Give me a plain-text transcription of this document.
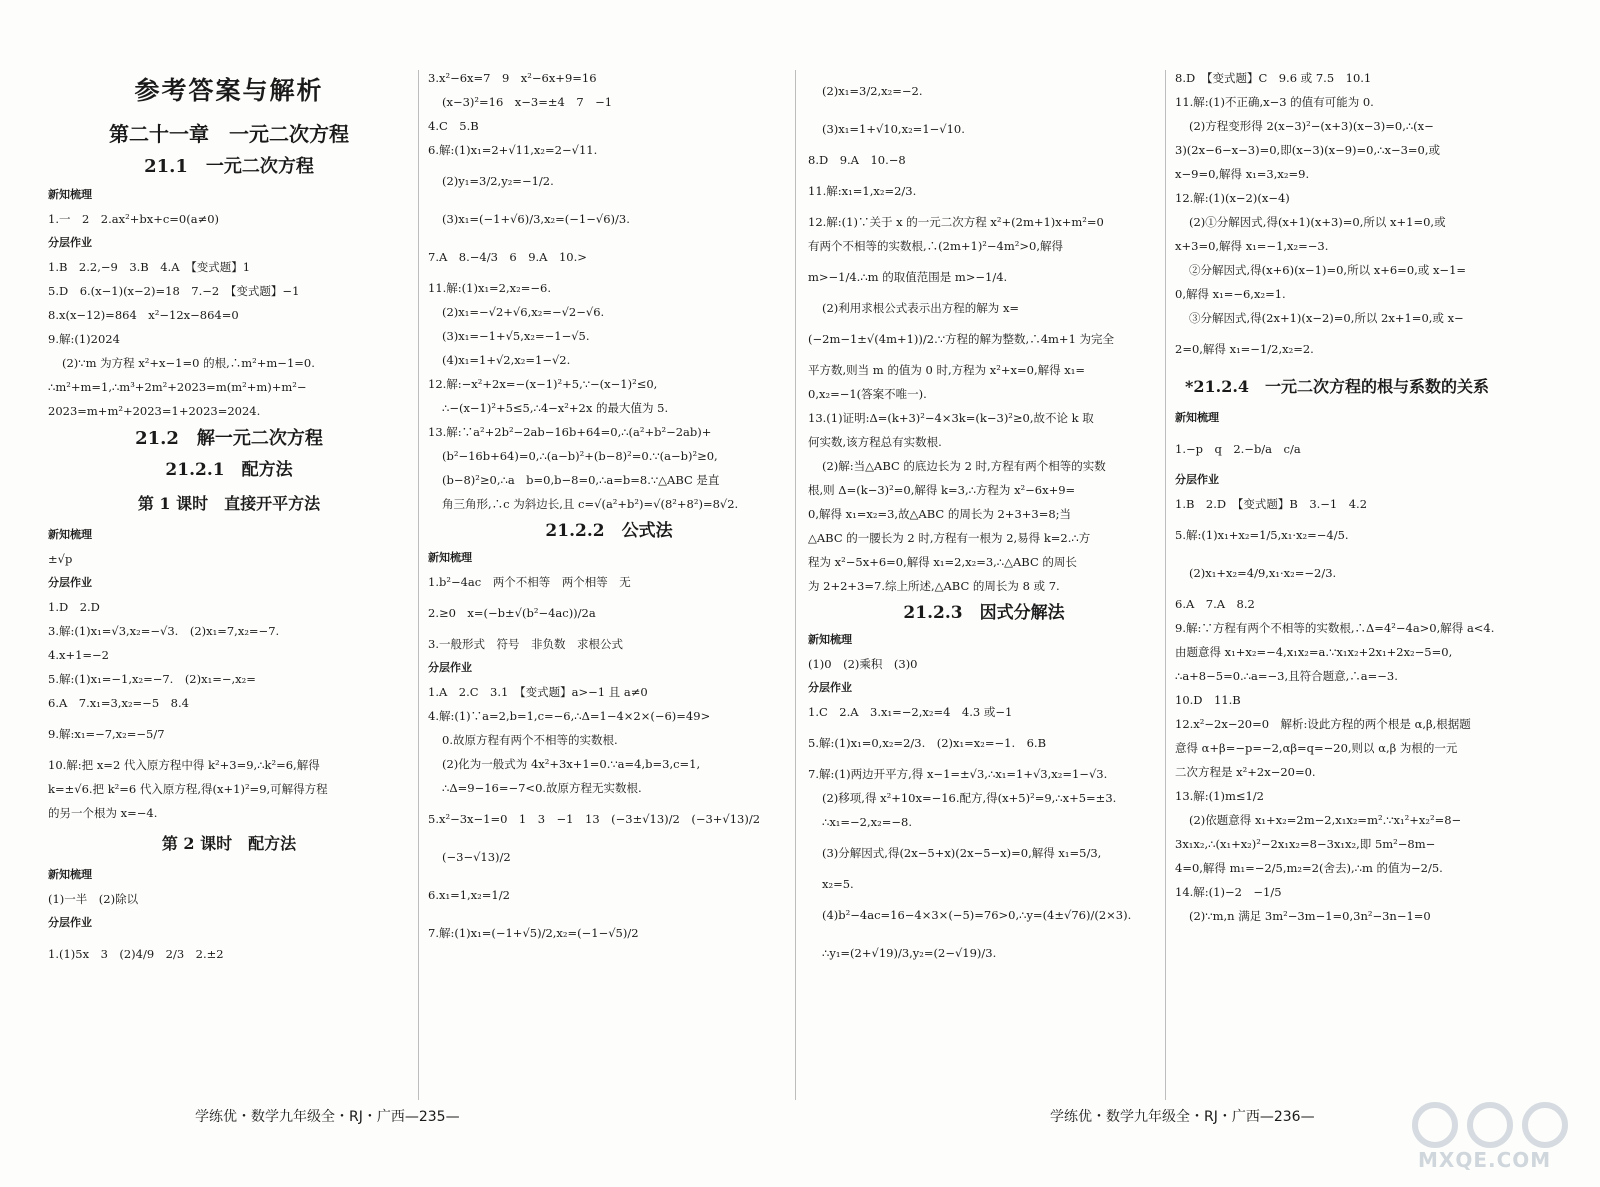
参考答案与解析
第二十一章　一元二次方程
21.1　一元二次方程
新知梳理
1.一　2　2.ax²+bx+c=0(a≠0)
分层作业
1.B　2.2,−9　3.B　4.A　【变式题】1
5.D　6.(x−1)(x−2)=18　7.−2　【变式题】−1
8.x(x−12)=864　x²−12x−864=0
9.解:(1)2024
(2)∵m 为方程 x²+x−1=0 的根,∴m²+m−1=0.
∴m²+m=1,∴m³+2m²+2023=m(m²+m)+m²−
2023=m+m²+2023=1+2023=2024.
21.2　解一元二次方程
21.2.1　配方法
第 1 课时　直接开平方法
新知梳理
±√p
分层作业
1.D　2.D
3.解:(1)x₁=√3,x₂=−√3.　(2)x₁=7,x₂=−7.
4.x+1=−2
5.解:(1)x₁=−1,x₂=−7.　(2)x₁=−,x₂=
6.A　7.x₁=3,x₂=−5　8.4
9.解:x₁=−7,x₂=−5/7
10.解:把 x=2 代入原方程中得 k²+3=9,∴k²=6,解得
k=±√6.把 k²=6 代入原方程,得(x+1)²=9,可解得方程
的另一个根为 x=−4.
第 2 课时　配方法
新知梳理
(1)一半　(2)除以
分层作业
1.(1)5x　3　(2)4/9　2/3　2.±2
3.x²−6x=7　9　x²−6x+9=16
(x−3)²=16　x−3=±4　7　−1
4.C　5.B
6.解:(1)x₁=2+√11,x₂=2−√11.
(2)y₁=3/2,y₂=−1/2.
(3)x₁=(−1+√6)/3,x₂=(−1−√6)/3.
7.A　8.−4/3　6　9.A　10.>
11.解:(1)x₁=2,x₂=−6.
(2)x₁=−√2+√6,x₂=−√2−√6.
(3)x₁=−1+√5,x₂=−1−√5.
(4)x₁=1+√2,x₂=1−√2.
12.解:−x²+2x=−(x−1)²+5,∵−(x−1)²≤0,
∴−(x−1)²+5≤5,∴4−x²+2x 的最大值为 5.
13.解:∵a²+2b²−2ab−16b+64=0,∴(a²+b²−2ab)+
(b²−16b+64)=0,∴(a−b)²+(b−8)²=0.∵(a−b)²≥0,
(b−8)²≥0,∴a　b=0,b−8=0,∴a=b=8.∵△ABC 是直
角三角形,∴c 为斜边长,且 c=√(a²+b²)=√(8²+8²)=8√2.
21.2.2　公式法
新知梳理
1.b²−4ac　两个不相等　两个相等　无
2.≥0　x=(−b±√(b²−4ac))/2a
3.一般形式　符号　非负数　求根公式
分层作业
1.A　2.C　3.1　【变式题】a>−1 且 a≠0
4.解:(1)∵a=2,b=1,c=−6,∴Δ=1−4×2×(−6)=49>
0.故原方程有两个不相等的实数根.
(2)化为一般式为 4x²+3x+1=0.∵a=4,b=3,c=1,
∴Δ=9−16=−7<0.故原方程无实数根.
5.x²−3x−1=0　1　3　−1　13　(−3±√13)/2　(−3+√13)/2
(−3−√13)/2
6.x₁=1,x₂=1/2
7.解:(1)x₁=(−1+√5)/2,x₂=(−1−√5)/2
(2)x₁=3/2,x₂=−2.
(3)x₁=1+√10,x₂=1−√10.
8.D　9.A　10.−8
11.解:x₁=1,x₂=2/3.
12.解:(1)∵关于 x 的一元二次方程 x²+(2m+1)x+m²=0
有两个不相等的实数根,∴(2m+1)²−4m²>0,解得
m>−1/4.∴m 的取值范围是 m>−1/4.
(2)利用求根公式表示出方程的解为 x=
(−2m−1±√(4m+1))/2.∵方程的解为整数,∴4m+1 为完全
平方数,则当 m 的值为 0 时,方程为 x²+x=0,解得 x₁=
0,x₂=−1(答案不唯一).
13.(1)证明:Δ=(k+3)²−4×3k=(k−3)²≥0,故不论 k 取
何实数,该方程总有实数根.
(2)解:当△ABC 的底边长为 2 时,方程有两个相等的实数
根,则 Δ=(k−3)²=0,解得 k=3,∴方程为 x²−6x+9=
0,解得 x₁=x₂=3,故△ABC 的周长为 2+3+3=8;当
△ABC 的一腰长为 2 时,方程有一根为 2,易得 k=2.∴方
程为 x²−5x+6=0,解得 x₁=2,x₂=3,∴△ABC 的周长
为 2+2+3=7.综上所述,△ABC 的周长为 8 或 7.
21.2.3　因式分解法
新知梳理
(1)0　(2)乘积　(3)0
分层作业
1.C　2.A　3.x₁=−2,x₂=4　4.3 或−1
5.解:(1)x₁=0,x₂=2/3.　(2)x₁=x₂=−1.　6.B
7.解:(1)两边开平方,得 x−1=±√3,∴x₁=1+√3,x₂=1−√3.
(2)移项,得 x²+10x=−16.配方,得(x+5)²=9,∴x+5=±3.
∴x₁=−2,x₂=−8.
(3)分解因式,得(2x−5+x)(2x−5−x)=0,解得 x₁=5/3,
x₂=5.
(4)b²−4ac=16−4×3×(−5)=76>0,∴y=(4±√76)/(2×3).
∴y₁=(2+√19)/3,y₂=(2−√19)/3.
8.D　【变式题】C　9.6 或 7.5　10.1
11.解:(1)不正确,x−3 的值有可能为 0.
(2)方程变形得 2(x−3)²−(x+3)(x−3)=0,∴(x−
3)(2x−6−x−3)=0,即(x−3)(x−9)=0,∴x−3=0,或
x−9=0,解得 x₁=3,x₂=9.
12.解:(1)(x−2)(x−4)
(2)①分解因式,得(x+1)(x+3)=0,所以 x+1=0,或
x+3=0,解得 x₁=−1,x₂=−3.
②分解因式,得(x+6)(x−1)=0,所以 x+6=0,或 x−1=
0,解得 x₁=−6,x₂=1.
③分解因式,得(2x+1)(x−2)=0,所以 2x+1=0,或 x−
2=0,解得 x₁=−1/2,x₂=2.
*21.2.4　一元二次方程的根与系数的关系
新知梳理
1.−p　q　2.−b/a　c/a
分层作业
1.B　2.D　【变式题】B　3.−1　4.2
5.解:(1)x₁+x₂=1/5,x₁·x₂=−4/5.
(2)x₁+x₂=4/9,x₁·x₂=−2/3.
6.A　7.A　8.2
9.解:∵方程有两个不相等的实数根,∴Δ=4²−4a>0,解得 a<4.
由题意得 x₁+x₂=−4,x₁x₂=a.∵x₁x₂+2x₁+2x₂−5=0,
∴a+8−5=0.∴a=−3,且符合题意,∴a=−3.
10.D　11.B
12.x²−2x−20=0　解析:设此方程的两个根是 α,β,根据题
意得 α+β=−p=−2,αβ=q=−20,则以 α,β 为根的一元
二次方程是 x²+2x−20=0.
13.解:(1)m≤1/2
(2)依题意得 x₁+x₂=2m−2,x₁x₂=m².∵x₁²+x₂²=8−
3x₁x₂,∴(x₁+x₂)²−2x₁x₂=8−3x₁x₂,即 5m²−8m−
4=0,解得 m₁=−2/5,m₂=2(舍去),∴m 的值为−2/5.
14.解:(1)−2　−1/5
(2)∵m,n 满足 3m²−3m−1=0,3n²−3n−1=0
学练优・数学九年级全・RJ・广西—235—	学练优・数学九年级全・RJ・广西—236—
MXQE.COM
